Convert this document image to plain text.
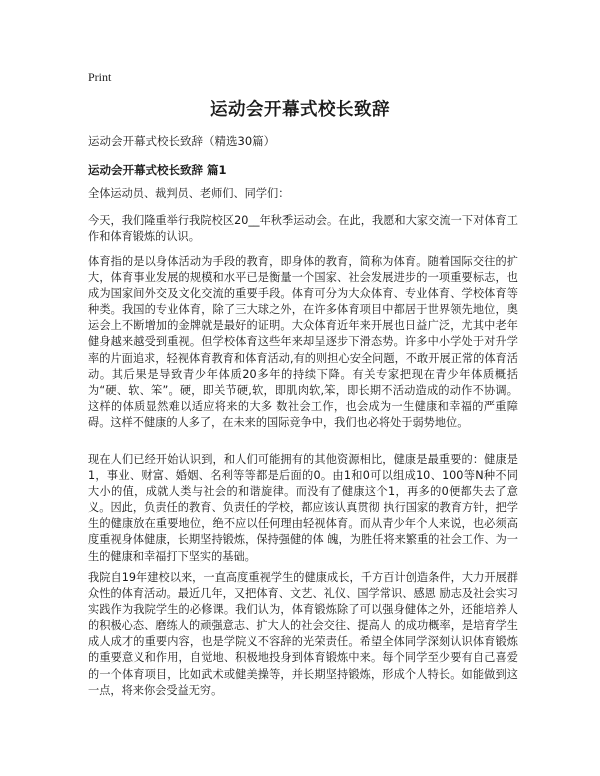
Print
运动会开幕式校长致辞
运动会开幕式校长致辞（精选30篇）
运动会开幕式校长致辞 篇1

全体运动员、裁判员、老师们、同学们：

今天，我们隆重举行我院校区20__年秋季运动会。在此，我愿和大家交流一下对体育工作和体育锻炼的认识。

体育指的是以身体活动为手段的教育，即身体的教育，简称为体育。随着国际交往的扩大，体育事业发展的规模和水平已是衡量一个国家、社会发展进步的一项重要标志，也成为国家间外交及文化交流的重要手段。体育可分为大众体育、专业体育、学校体育等种类。我国的专业体育，除了三大球之外，在许多体育项目中都居于世界领先地位，奥运会上不断增加的金牌就是最好的证明。大众体育近年来开展也日益广泛，尤其中老年健身越来越受到重视。但学校体育这些年来却呈逐步下滑态势。许多中小学处于对升学率的片面追求，轻视体育教育和体育活动,有的则担心安全问题，不敢开展正常的体育活动。其后果是导致青少年体质20多年的持续下降。有关专家把现在青少年体质概括为“硬、软、笨”。硬，即关节硬,软，即肌肉软,笨，即长期不活动造成的动作不协调。这样的体质显然难以适应将来的大多 数社会工作，也会成为一生健康和幸福的严重障碍。这样不健康的人多了，在未来的国际竞争中，我们也必将处于弱势地位。

现在人们已经开始认识到，和人们可能拥有的其他资源相比，健康是最重要的：健康是1，事业、财富、婚姻、名利等等都是后面的0。由1和0可以组成10、100等N种不同大小的值，成就人类与社会的和谐旋律。而没有了健康这个1，再多的0便都失去了意义。因此，负责任的教育、负责任的学校，都应该认真贯彻 执行国家的教育方针，把学生的健康放在重要地位，绝不应以任何理由轻视体育。而从青少年个人来说，也必须高度重视身体健康，长期坚持锻炼，保持强健的体 魄，为胜任将来繁重的社会工作、为一生的健康和幸福打下坚实的基础。

我院自19年建校以来，一直高度重视学生的健康成长，千方百计创造条件，大力开展群众性的体育活动。最近几年，又把体育、文艺、礼仪、国学常识、感恩 励志及社会实习实践作为我院学生的必修课。我们认为，体育锻炼除了可以强身健体之外，还能培养人的积极心态、磨练人的顽强意志、扩大人的社会交往、提高人 的成功概率，是培育学生成人成才的重要内容，也是学院义不容辞的光荣责任。希望全体同学深刻认识体育锻炼的重要意义和作用，自觉地、积极地投身到体育锻炼中来。每个同学至少要有自己喜爱的一个体育项目，比如武术或健美操等，并长期坚持锻炼，形成个人特长。如能做到这一点，将来你会受益无穷。
